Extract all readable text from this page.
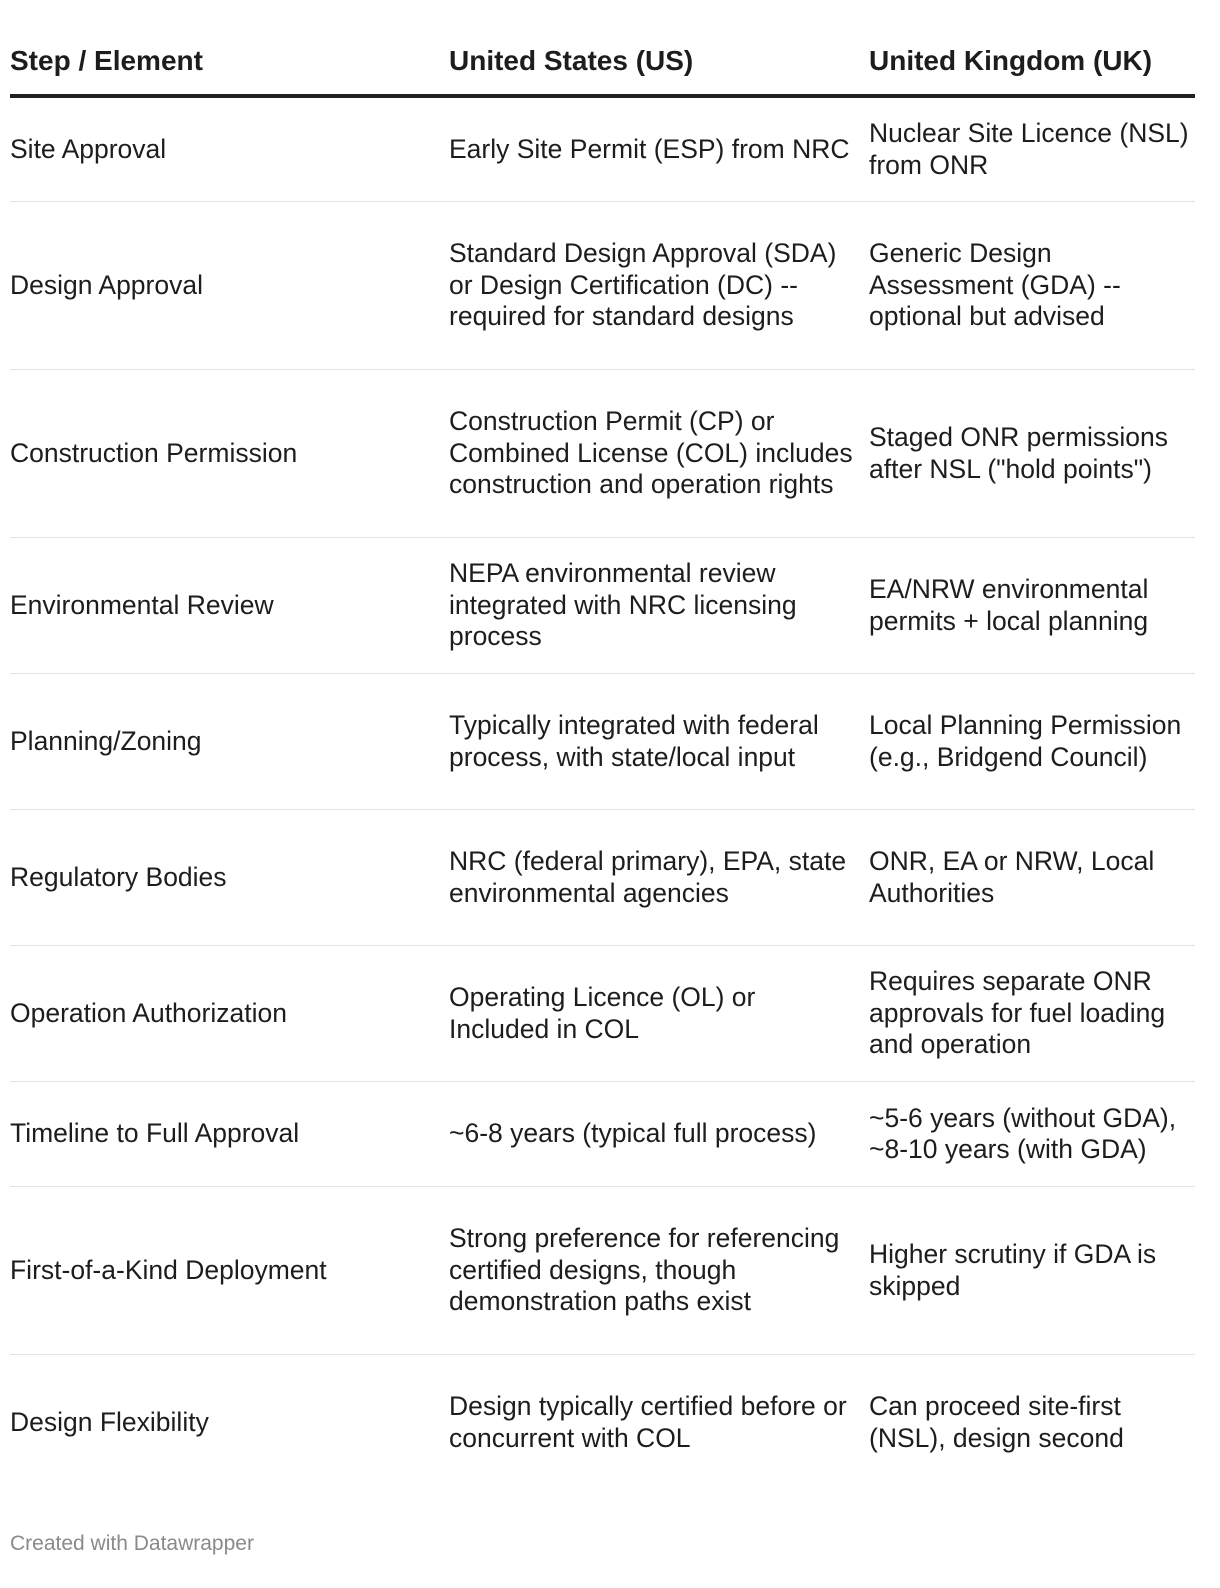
Step / Element	United States (US)	United Kingdom (UK)

Site Approval	Early Site Permit (ESP) from NRC	Nuclear Site Licence (NSL) from ONR

Design Approval	Standard Design Approval (SDA) or Design Certification (DC) -- required for standard designs	Generic Design Assessment (GDA) -- optional but advised

Construction Permission	Construction Permit (CP) or Combined License (COL) includes construction and operation rights	Staged ONR permissions after NSL ("hold points")

Environmental Review	NEPA environmental review integrated with NRC licensing process	EA/NRW environmental permits + local planning

Planning/Zoning	Typically integrated with federal process, with state/local input	Local Planning Permission (e.g., Bridgend Council)

Regulatory Bodies	NRC (federal primary), EPA, state environmental agencies	ONR, EA or NRW, Local Authorities

Operation Authorization	Operating Licence (OL) or Included in COL	Requires separate ONR approvals for fuel loading and operation

Timeline to Full Approval	~6-8 years (typical full process)	~5-6 years (without GDA), ~8-10 years (with GDA)

First-of-a-Kind Deployment	Strong preference for referencing certified designs, though demonstration paths exist	Higher scrutiny if GDA is skipped

Design Flexibility	Design typically certified before or concurrent with COL	Can proceed site-first (NSL), design second
Created with Datawrapper
